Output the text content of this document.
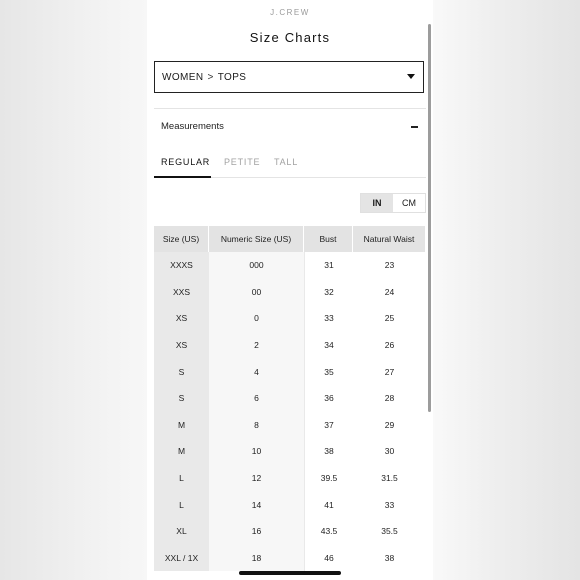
J.CREW
Size Charts
WOMEN > TOPS
Measurements
REGULAR PETITE TALL
IN	CM
Size (US)	Numeric Size (US)	Bust	Natural Waist
XXXS	000	31	23
XXS	00	32	24
XS	0	33	25
XS	2	34	26
S	4	35	27
S	6	36	28
M	8	37	29
M	10	38	30
L	12	39.5	31.5
L	14	41	33
XL	16	43.5	35.5
XXL / 1X	18	46	38
